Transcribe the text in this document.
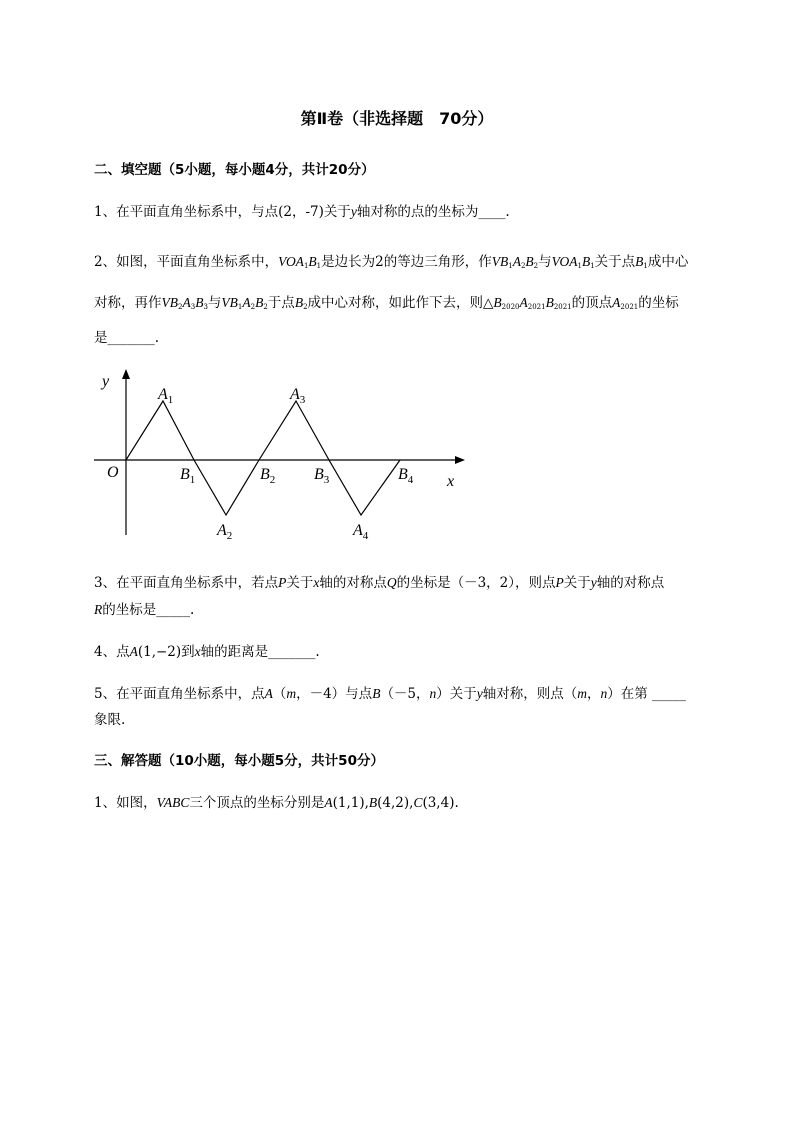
第Ⅱ卷（非选择题　70分）
二、填空题（5小题，每小题4分，共计20分）
1、在平面直角坐标系中，与点(2，-7)关于y轴对称的点的坐标为____.
2、如图，平面直角坐标系中，$VOA_1B_1$是边长为2的等边三角形，作$VB_1A_2B_2$与$VOA_1B_1$关于点$B_1$成中心
对称，再作$VB_2A_3B_3$与$VB_1A_2B_2$于点$B_2$成中心对称，如此作下去，则$\triangle B_{2020}A_{2021}B_{2021}$的顶点$A_{2021}$的坐标
是_______.
y
x
O
$A_1$	$A_3$
$A_2$	$A_4$
$B_1$	$B_2$ $B_3$	$B_4$
3、在平面直角坐标系中，若点P关于x轴的对称点Q的坐标是（－3，2），则点P关于y轴的对称点
R的坐标是_____.
4、点A(1,−2)到x轴的距离是_______.
5、在平面直角坐标系中，点A（m，－4）与点B（－5，n）关于y轴对称，则点（m，n）在第 _____
象限.
三、解答题（10小题，每小题5分，共计50分）
1、如图，VABC三个顶点的坐标分别是A(1,1),B(4,2),C(3,4).
